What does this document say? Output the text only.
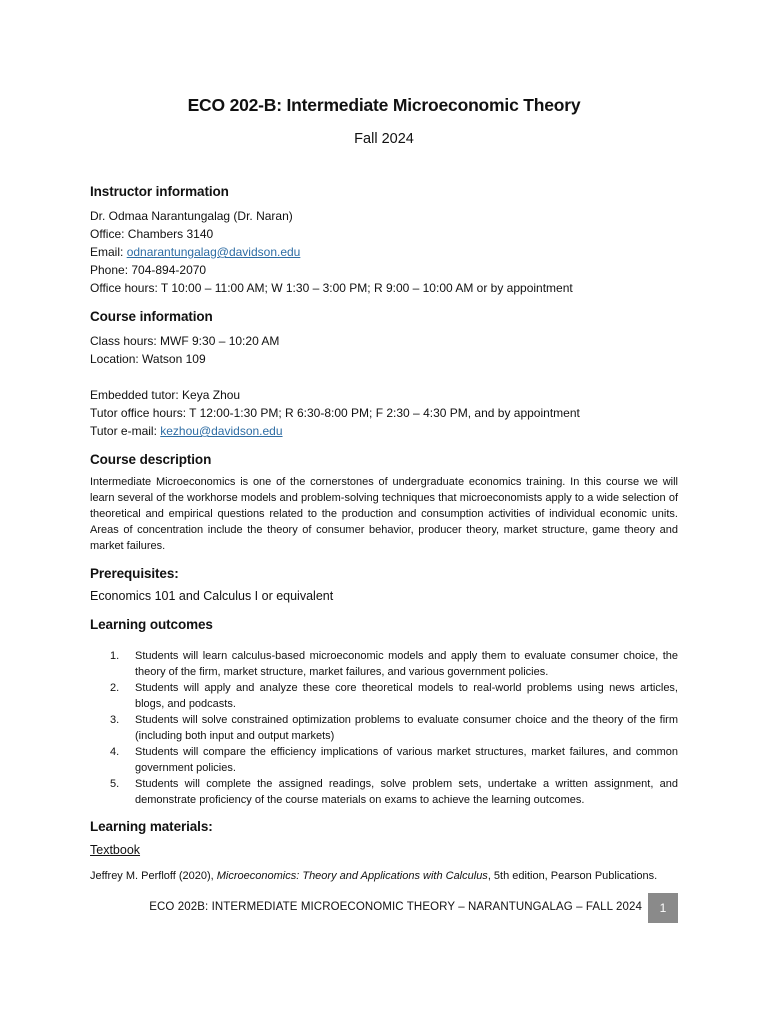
ECO 202-B: Intermediate Microeconomic Theory
Fall 2024
Instructor information
Dr. Odmaa Narantungalag (Dr. Naran)
Office: Chambers 3140
Email: odnarantungalag@davidson.edu
Phone: 704-894-2070
Office hours: T 10:00 – 11:00 AM; W 1:30 – 3:00 PM; R 9:00 – 10:00 AM or by appointment
Course information
Class hours: MWF 9:30 – 10:20 AM
Location: Watson 109
Embedded tutor: Keya Zhou
Tutor office hours: T 12:00-1:30 PM; R 6:30-8:00 PM; F 2:30 – 4:30 PM, and by appointment
Tutor e-mail: kezhou@davidson.edu
Course description
Intermediate Microeconomics is one of the cornerstones of undergraduate economics training. In this course we will learn several of the workhorse models and problem-solving techniques that microeconomists apply to a wide selection of theoretical and empirical questions related to the production and consumption activities of individual economic units. Areas of concentration include the theory of consumer behavior, producer theory, market structure, game theory and market failures.
Prerequisites:
Economics 101 and Calculus I or equivalent
Learning outcomes
1. Students will learn calculus-based microeconomic models and apply them to evaluate consumer choice, the theory of the firm, market structure, market failures, and various government policies.
2. Students will apply and analyze these core theoretical models to real-world problems using news articles, blogs, and podcasts.
3. Students will solve constrained optimization problems to evaluate consumer choice and the theory of the firm (including both input and output markets)
4. Students will compare the efficiency implications of various market structures, market failures, and common government policies.
5. Students will complete the assigned readings, solve problem sets, undertake a written assignment, and demonstrate proficiency of the course materials on exams to achieve the learning outcomes.
Learning materials:
Textbook
Jeffrey M. Perfloff (2020), Microeconomics: Theory and Applications with Calculus, 5th edition, Pearson Publications.
ECO 202B: INTERMEDIATE MICROECONOMIC THEORY – NARANTUNGALAG – FALL 2024	1
